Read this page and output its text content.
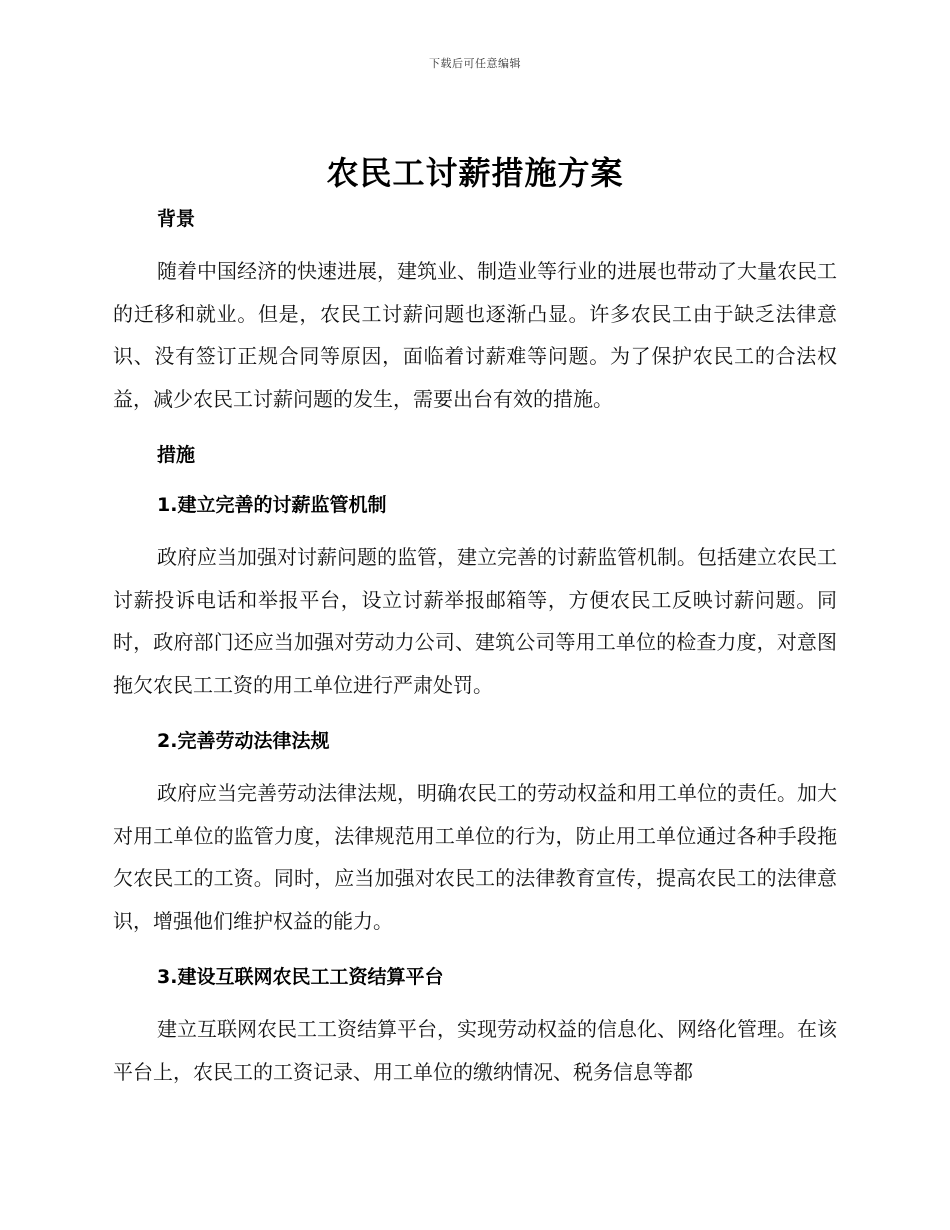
下载后可任意编辑
农民工讨薪措施方案
背景

随着中国经济的快速进展，建筑业、制造业等行业的进展也带动了大量农民工的迁移和就业。但是，农民工讨薪问题也逐渐凸显。许多农民工由于缺乏法律意识、没有签订正规合同等原因，面临着讨薪难等问题。为了保护农民工的合法权益，减少农民工讨薪问题的发生，需要出台有效的措施。

措施
1.建立完善的讨薪监管机制

政府应当加强对讨薪问题的监管，建立完善的讨薪监管机制。包括建立农民工讨薪投诉电话和举报平台，设立讨薪举报邮箱等，方便农民工反映讨薪问题。同时，政府部门还应当加强对劳动力公司、建筑公司等用工单位的检查力度，对意图拖欠农民工工资的用工单位进行严肃处罚。

2.完善劳动法律法规

政府应当完善劳动法律法规，明确农民工的劳动权益和用工单位的责任。加大对用工单位的监管力度，法律规范用工单位的行为，防止用工单位通过各种手段拖欠农民工的工资。同时，应当加强对农民工的法律教育宣传，提高农民工的法律意识，增强他们维护权益的能力。

3.建设互联网农民工工资结算平台

建立互联网农民工工资结算平台，实现劳动权益的信息化、网络化管理。在该平台上，农民工的工资记录、用工单位的缴纳情况、税务信息等都
